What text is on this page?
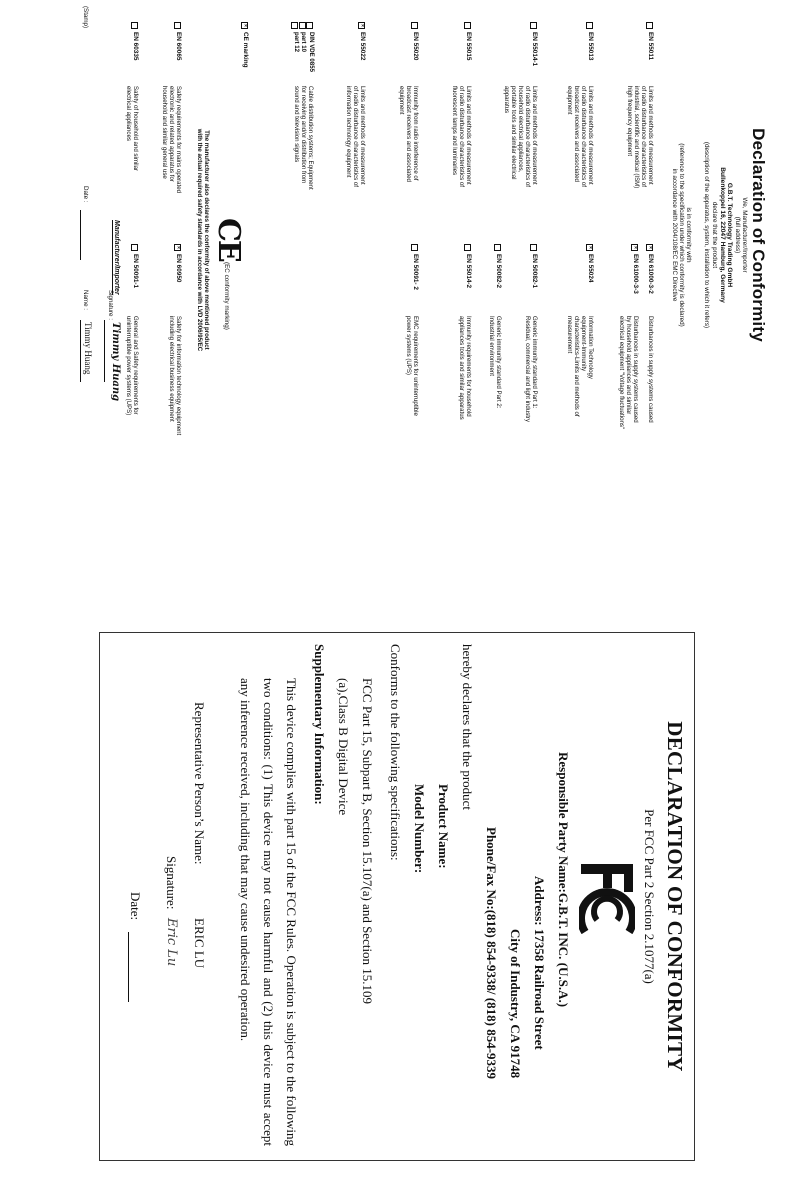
Declaration of Conformity
We, Manufacturer/Importer
(full address)
G.B.T. Technology Trading GmbH
Bullenkoppel 16, 22047 Hamburg, Germany
declare that the product
(description of the apparatus, system, installation to which it refers)
is in conformity with
(reference to the specification under which conformity is declared)
in accordance with 2004/108/EC EMC Directive
EN 55011
Limits and methods of measurement
of radio disturbance characteristics of
industrial, scientific and medical (ISM)
high frequency equipment
EN 55013
Limits and methods of measurement
of radio disturbance characteristics of
broadcast receivers and associated
equipment
EN 55014-1
Limits and methods of measurement
of radio disturbance characteristics of
household electrical appliances,
portable tools and similar electrical
apparatus
EN 55015
Limits and methods of measurement
of radio disturbance characteristics of
fluorescent lamps and luminaries
EN 55020
Immunity from radio interference of
broadcast receivers and associated
equipment
×
EN 55022
Limits and methods of measurement
of radio disturbance characteristics of
information technology equipment
DIN VDE 0855
part 10
part 12
Cable distribution systems; Equipment
for receiving and/or distribution from
sound and television signals
×
CE marking
CE
(EC conformity marking)
The manufacturer also declares the conformity of above mentioned product
with the actual required safety standards in accordance with LVD 2006/95/EC
EN 60065
Safety requirements for mains operated
electronic and related apparatus for
household and similar general use
EN 60335
Safety of household and similar
electrical appliances
×
EN 61000-3-2
Disturbances in supply systems caused
×
EN 61000-3-3
Disturbances in supply systems caused
by household appliances and similar
electrical equipment "Voltage fluctuations"
×
EN 55024
Information Technology
equipment-Immunity
characteristics-Limits and methods of
measurement
EN 50082-1
Generic immunity standard Part 1:
Residual, commercial and light industry
EN 50082-2
Generic immunity standard Part 2:
Industrial environment
EN 55014-2
Immunity requirements for household
appliances tools and similar apparatus
EN 50091- 2
EMC requirements for uninterruptible
power systems (UPS)
×
EN 60950
Safety for information technology equipment
including electrical business equipment
EN 50091-1
General and Safety requirements for
uninterruptible power systems (UPS)
Manufacturer/Importer
(Stamp)
Date :
Signature :
Timmy Huang
Name :
Timmy Huang
DECLARATION OF CONFORMITY
Per FCC Part 2 Section 2.1077(a)
Responsible Party Name:G.B.T. INC. (U.S.A.)
Address: 17358 Railroad Street
City of Industry, CA 91748
Phone/Fax No:(818) 854-9338/ (818) 854-9339
hereby declares that the product
Product Name:
Model Number:
Conforms to the following specifications:
FCC Part 15, Subpart B, Section 15.107(a) and Section 15.109
(a),Class B Digital Device
Supplementary Information:
This device complies with part 15 of the FCC Rules. Operation is subject to the following two conditions: (1) This device may not cause harmful and (2) this device must accept any inference received, including that may cause undesired operation.
Representative Person’s Name:
ERIC LU
Signature:
Eric Lu
Date:
